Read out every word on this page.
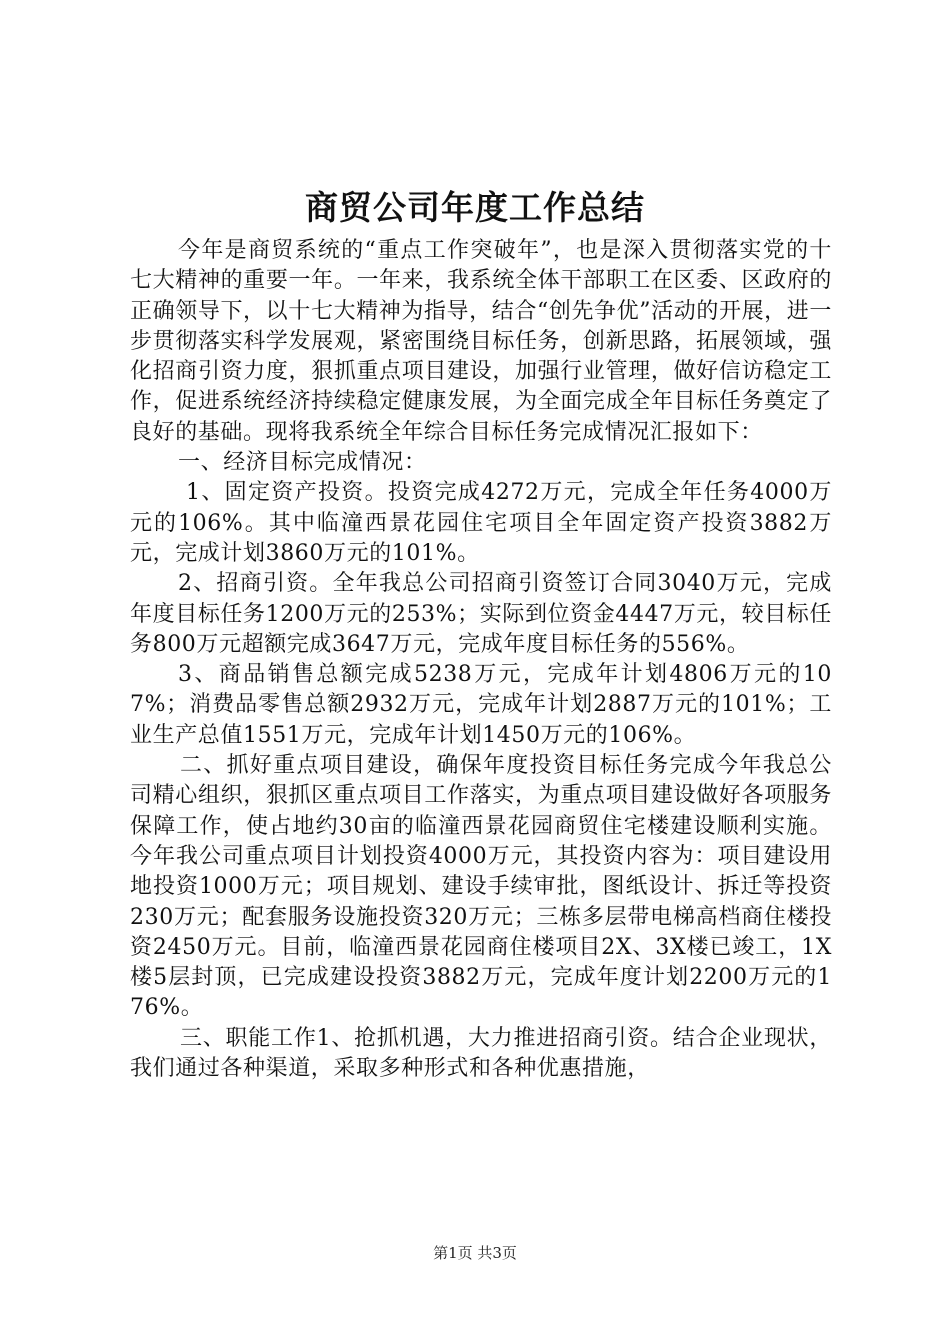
商贸公司年度工作总结

今年是商贸系统的“重点工作突破年”，也是深入贯彻落实党的十七大精神的重要一年。一年来，我系统全体干部职工在区委、区政府的正确领导下，以十七大精神为指导，结合“创先争优”活动的开展，进一步贯彻落实科学发展观，紧密围绕目标任务，创新思路，拓展领域，强化招商引资力度，狠抓重点项目建设，加强行业管理，做好信访稳定工作，促进系统经济持续稳定健康发展，为全面完成全年目标任务奠定了良好的基础。现将我系统全年综合目标任务完成情况汇报如下：

一、经济目标完成情况：

1、固定资产投资。投资完成4272万元，完成全年任务4000万元的106%。其中临潼西景花园住宅项目全年固定资产投资3882万元，完成计划3860万元的101%。

2、招商引资。全年我总公司招商引资签订合同3040万元，完成年度目标任务1200万元的253%；实际到位资金4447万元，较目标任务800万元超额完成3647万元，完成年度目标任务的556%。

3、商品销售总额完成5238万元，完成年计划4806万元的107%；消费品零售总额2932万元，完成年计划2887万元的101%；工业生产总值1551万元，完成年计划1450万元的106%。

二、抓好重点项目建设，确保年度投资目标任务完成今年我总公司精心组织，狠抓区重点项目工作落实，为重点项目建设做好各项服务保障工作，使占地约30亩的临潼西景花园商贸住宅楼建设顺利实施。今年我公司重点项目计划投资4000万元，其投资内容为：项目建设用地投资1000万元；项目规划、建设手续审批，图纸设计、拆迁等投资230万元；配套服务设施投资320万元；三栋多层带电梯高档商住楼投资2450万元。目前，临潼西景花园商住楼项目2X、3X楼已竣工，1X楼5层封顶，已完成建设投资3882万元，完成年度计划2200万元的176%。

三、职能工作1、抢抓机遇，大力推进招商引资。结合企业现状，我们通过各种渠道，采取多种形式和各种优惠措施，

第1页 共3页
